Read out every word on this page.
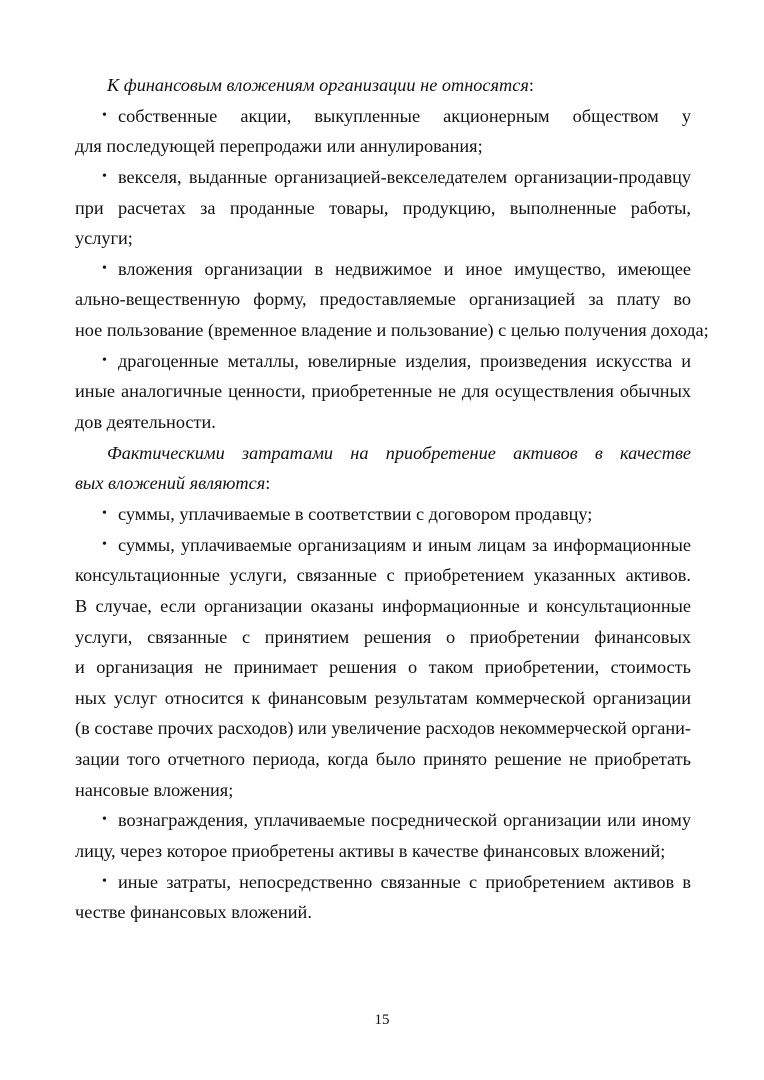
К финансовым вложениям организации не относятся:
• собственные акции, выкупленные акционерным обществом у
для последующей перепродажи или аннулирования;
• векселя, выданные организацией-векселедателем организации-продавцу
при расчетах за проданные товары, продукцию, выполненные работы,
услуги;
• вложения организации в недвижимое и иное имущество, имеющее
ально-вещественную форму, предоставляемые организацией за плату во
ное пользование (временное владение и пользование) с целью получения дохода;
• драгоценные металлы, ювелирные изделия, произведения искусства и
иные аналогичные ценности, приобретенные не для осуществления обычных
дов деятельности.
Фактическими затратами на приобретение активов в качестве
вых вложений являются:
• суммы, уплачиваемые в соответствии с договором продавцу;
• суммы, уплачиваемые организациям и иным лицам за информационные
консультационные услуги, связанные с приобретением указанных активов.
В случае, если организации оказаны информационные и консультационные
услуги, связанные с принятием решения о приобретении финансовых
и организация не принимает решения о таком приобретении, стоимость
ных услуг относится к финансовым результатам коммерческой организации
(в составе прочих расходов) или увеличение расходов некоммерческой органи-
зации того отчетного периода, когда было принято решение не приобретать
нансовые вложения;
• вознаграждения, уплачиваемые посреднической организации или иному
лицу, через которое приобретены активы в качестве финансовых вложений;
• иные затраты, непосредственно связанные с приобретением активов в
честве финансовых вложений.
15
